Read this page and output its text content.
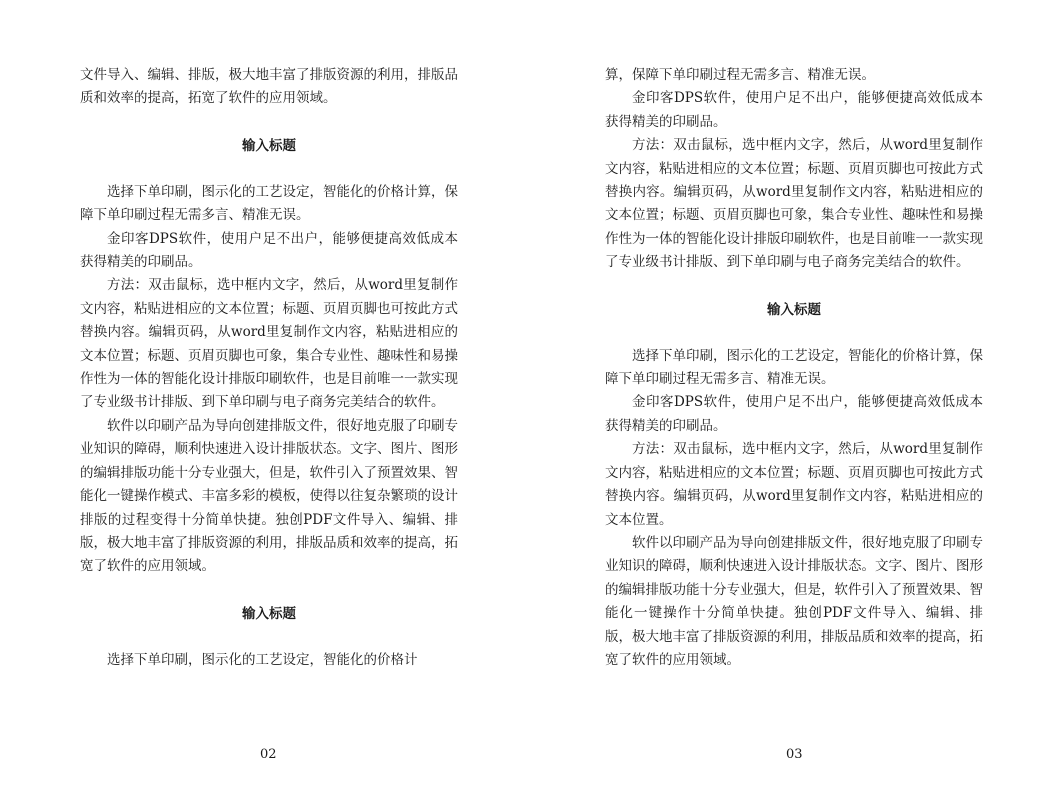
文件导入、编辑、排版，极大地丰富了排版资源的利用，排版品质和效率的提高，拓宽了软件的应用领域。

输入标题

选择下单印刷，图示化的工艺设定，智能化的价格计算，保障下单印刷过程无需多言、精准无误。

金印客DPS软件，使用户足不出户，能够便捷高效低成本获得精美的印刷品。

方法：双击鼠标，选中框内文字，然后，从word里复制作文内容，粘贴进相应的文本位置；标题、页眉页脚也可按此方式替换内容。编辑页码，从word里复制作文内容，粘贴进相应的文本位置；标题、页眉页脚也可象，集合专业性、趣味性和易操作性为一体的智能化设计排版印刷软件，也是目前唯一一款实现了专业级书计排版、到下单印刷与电子商务完美结合的软件。

软件以印刷产品为导向创建排版文件，很好地克服了印刷专业知识的障碍，顺利快速进入设计排版状态。文字、图片、图形的编辑排版功能十分专业强大，但是，软件引入了预置效果、智能化一键操作模式、丰富多彩的模板，使得以往复杂繁琐的设计排版的过程变得十分简单快捷。独创PDF文件导入、编辑、排版，极大地丰富了排版资源的利用，排版品质和效率的提高，拓宽了软件的应用领域。

输入标题

选择下单印刷，图示化的工艺设定，智能化的价格计

02

算，保障下单印刷过程无需多言、精准无误。

金印客DPS软件，使用户足不出户，能够便捷高效低成本获得精美的印刷品。

方法：双击鼠标，选中框内文字，然后，从word里复制作文内容，粘贴进相应的文本位置；标题、页眉页脚也可按此方式替换内容。编辑页码，从word里复制作文内容，粘贴进相应的文本位置；标题、页眉页脚也可象，集合专业性、趣味性和易操作性为一体的智能化设计排版印刷软件，也是目前唯一一款实现了专业级书计排版、到下单印刷与电子商务完美结合的软件。

输入标题

选择下单印刷，图示化的工艺设定，智能化的价格计算，保障下单印刷过程无需多言、精准无误。

金印客DPS软件，使用户足不出户，能够便捷高效低成本获得精美的印刷品。

方法：双击鼠标，选中框内文字，然后，从word里复制作文内容，粘贴进相应的文本位置；标题、页眉页脚也可按此方式替换内容。编辑页码，从word里复制作文内容，粘贴进相应的文本位置。

软件以印刷产品为导向创建排版文件，很好地克服了印刷专业知识的障碍，顺利快速进入设计排版状态。文字、图片、图形的编辑排版功能十分专业强大，但是，软件引入了预置效果、智能化一键操作十分简单快捷。独创PDF文件导入、编辑、排版，极大地丰富了排版资源的利用，排版品质和效率的提高，拓宽了软件的应用领域。

03
